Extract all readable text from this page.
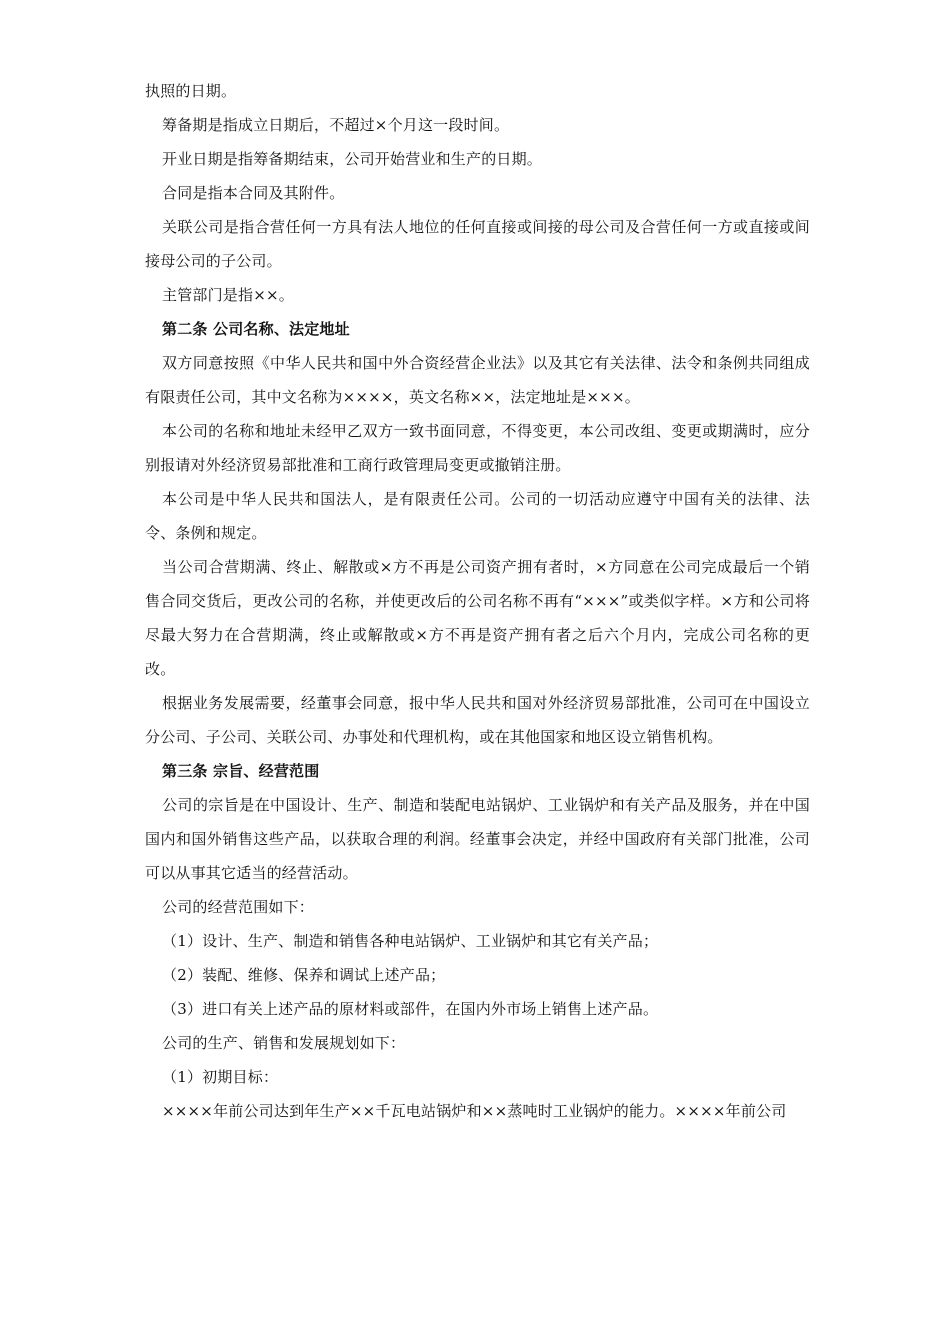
执照的日期。

筹备期是指成立日期后，不超过×个月这一段时间。

开业日期是指筹备期结束，公司开始营业和生产的日期。

合同是指本合同及其附件。

关联公司是指合营任何一方具有法人地位的任何直接或间接的母公司及合营任何一方或直接或间接母公司的子公司。

主管部门是指××。

第二条 公司名称、法定地址

双方同意按照《中华人民共和国中外合资经营企业法》以及其它有关法律、法令和条例共同组成有限责任公司，其中文名称为××××，英文名称××，法定地址是×××。

本公司的名称和地址未经甲乙双方一致书面同意，不得变更，本公司改组、变更或期满时，应分别报请对外经济贸易部批准和工商行政管理局变更或撤销注册。

本公司是中华人民共和国法人，是有限责任公司。公司的一切活动应遵守中国有关的法律、法令、条例和规定。

当公司合营期满、终止、解散或×方不再是公司资产拥有者时，×方同意在公司完成最后一个销售合同交货后，更改公司的名称，并使更改后的公司名称不再有“×××”或类似字样。×方和公司将尽最大努力在合营期满，终止或解散或×方不再是资产拥有者之后六个月内，完成公司名称的更改。

根据业务发展需要，经董事会同意，报中华人民共和国对外经济贸易部批准，公司可在中国设立分公司、子公司、关联公司、办事处和代理机构，或在其他国家和地区设立销售机构。

第三条 宗旨、经营范围

公司的宗旨是在中国设计、生产、制造和装配电站锅炉、工业锅炉和有关产品及服务，并在中国国内和国外销售这些产品，以获取合理的利润。经董事会决定，并经中国政府有关部门批准，公司可以从事其它适当的经营活动。

公司的经营范围如下：

（1）设计、生产、制造和销售各种电站锅炉、工业锅炉和其它有关产品；

（2）装配、维修、保养和调试上述产品；

（3）进口有关上述产品的原材料或部件，在国内外市场上销售上述产品。

公司的生产、销售和发展规划如下：

（1）初期目标：

××××年前公司达到年生产××千瓦电站锅炉和××蒸吨时工业锅炉的能力。××××年前公司
